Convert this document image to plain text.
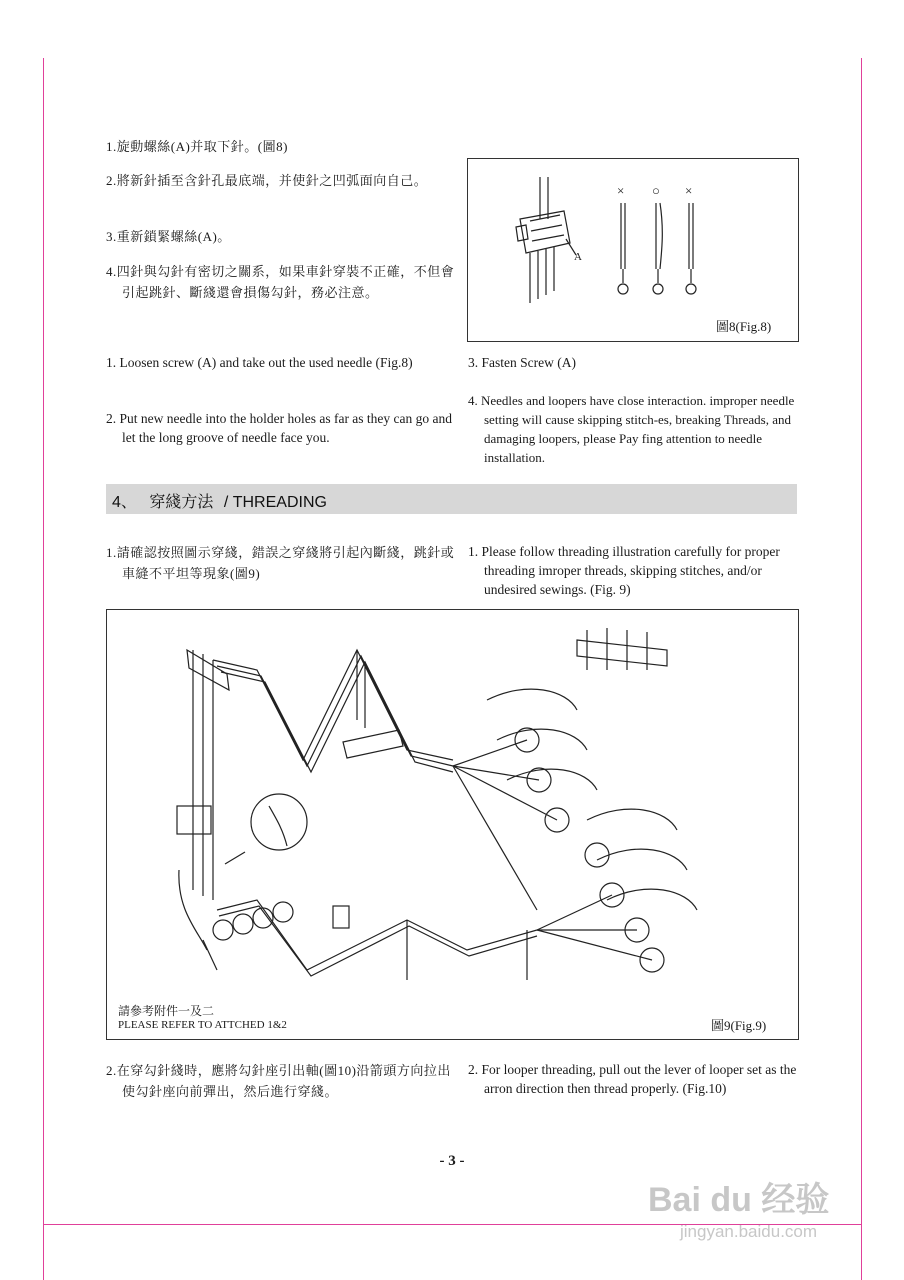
1.旋動螺絲(A)并取下針。(圖8)
2.將新針插至含針孔最底端，并使針之凹弧面向自己。
3.重新鎖緊螺絲(A)。
4.四針與勾針有密切之關系，如果車針穿裝不正確，不但會引起跳針、斷綫還會損傷勾針，務必注意。
A
× ○ ×
圖8(Fig.8)
1. Loosen screw (A) and take out the used needle (Fig.8)
2. Put new needle into the holder holes as far as they can go and let the long groove of needle face you.
3. Fasten Screw (A)
4. Needles and loopers have close interaction. improper needle setting will cause skipping stitch-es, breaking Threads, and damaging loopers, please Pay fing attention to needle installation.
4、 穿綫方法 / THREADING
1.請確認按照圖示穿綫，錯誤之穿綫將引起內斷綫，跳針或車縫不平坦等現象(圖9)
1. Please follow threading illustration carefully for proper threading imroper threads, skipping stitches, and/or undesired sewings. (Fig. 9)
請參考附件一及二
PLEASE REFER TO ATTCHED 1&2	圖9(Fig.9)
2.在穿勾針綫時，應將勾針座引出軸(圖10)沿箭頭方向拉出使勾針座向前彈出，然后進行穿綫。
2. For looper threading, pull out the lever of looper set as the arron direction then thread properly. (Fig.10)
- 3 -
Bai du 经验
jingyan.baidu.com
